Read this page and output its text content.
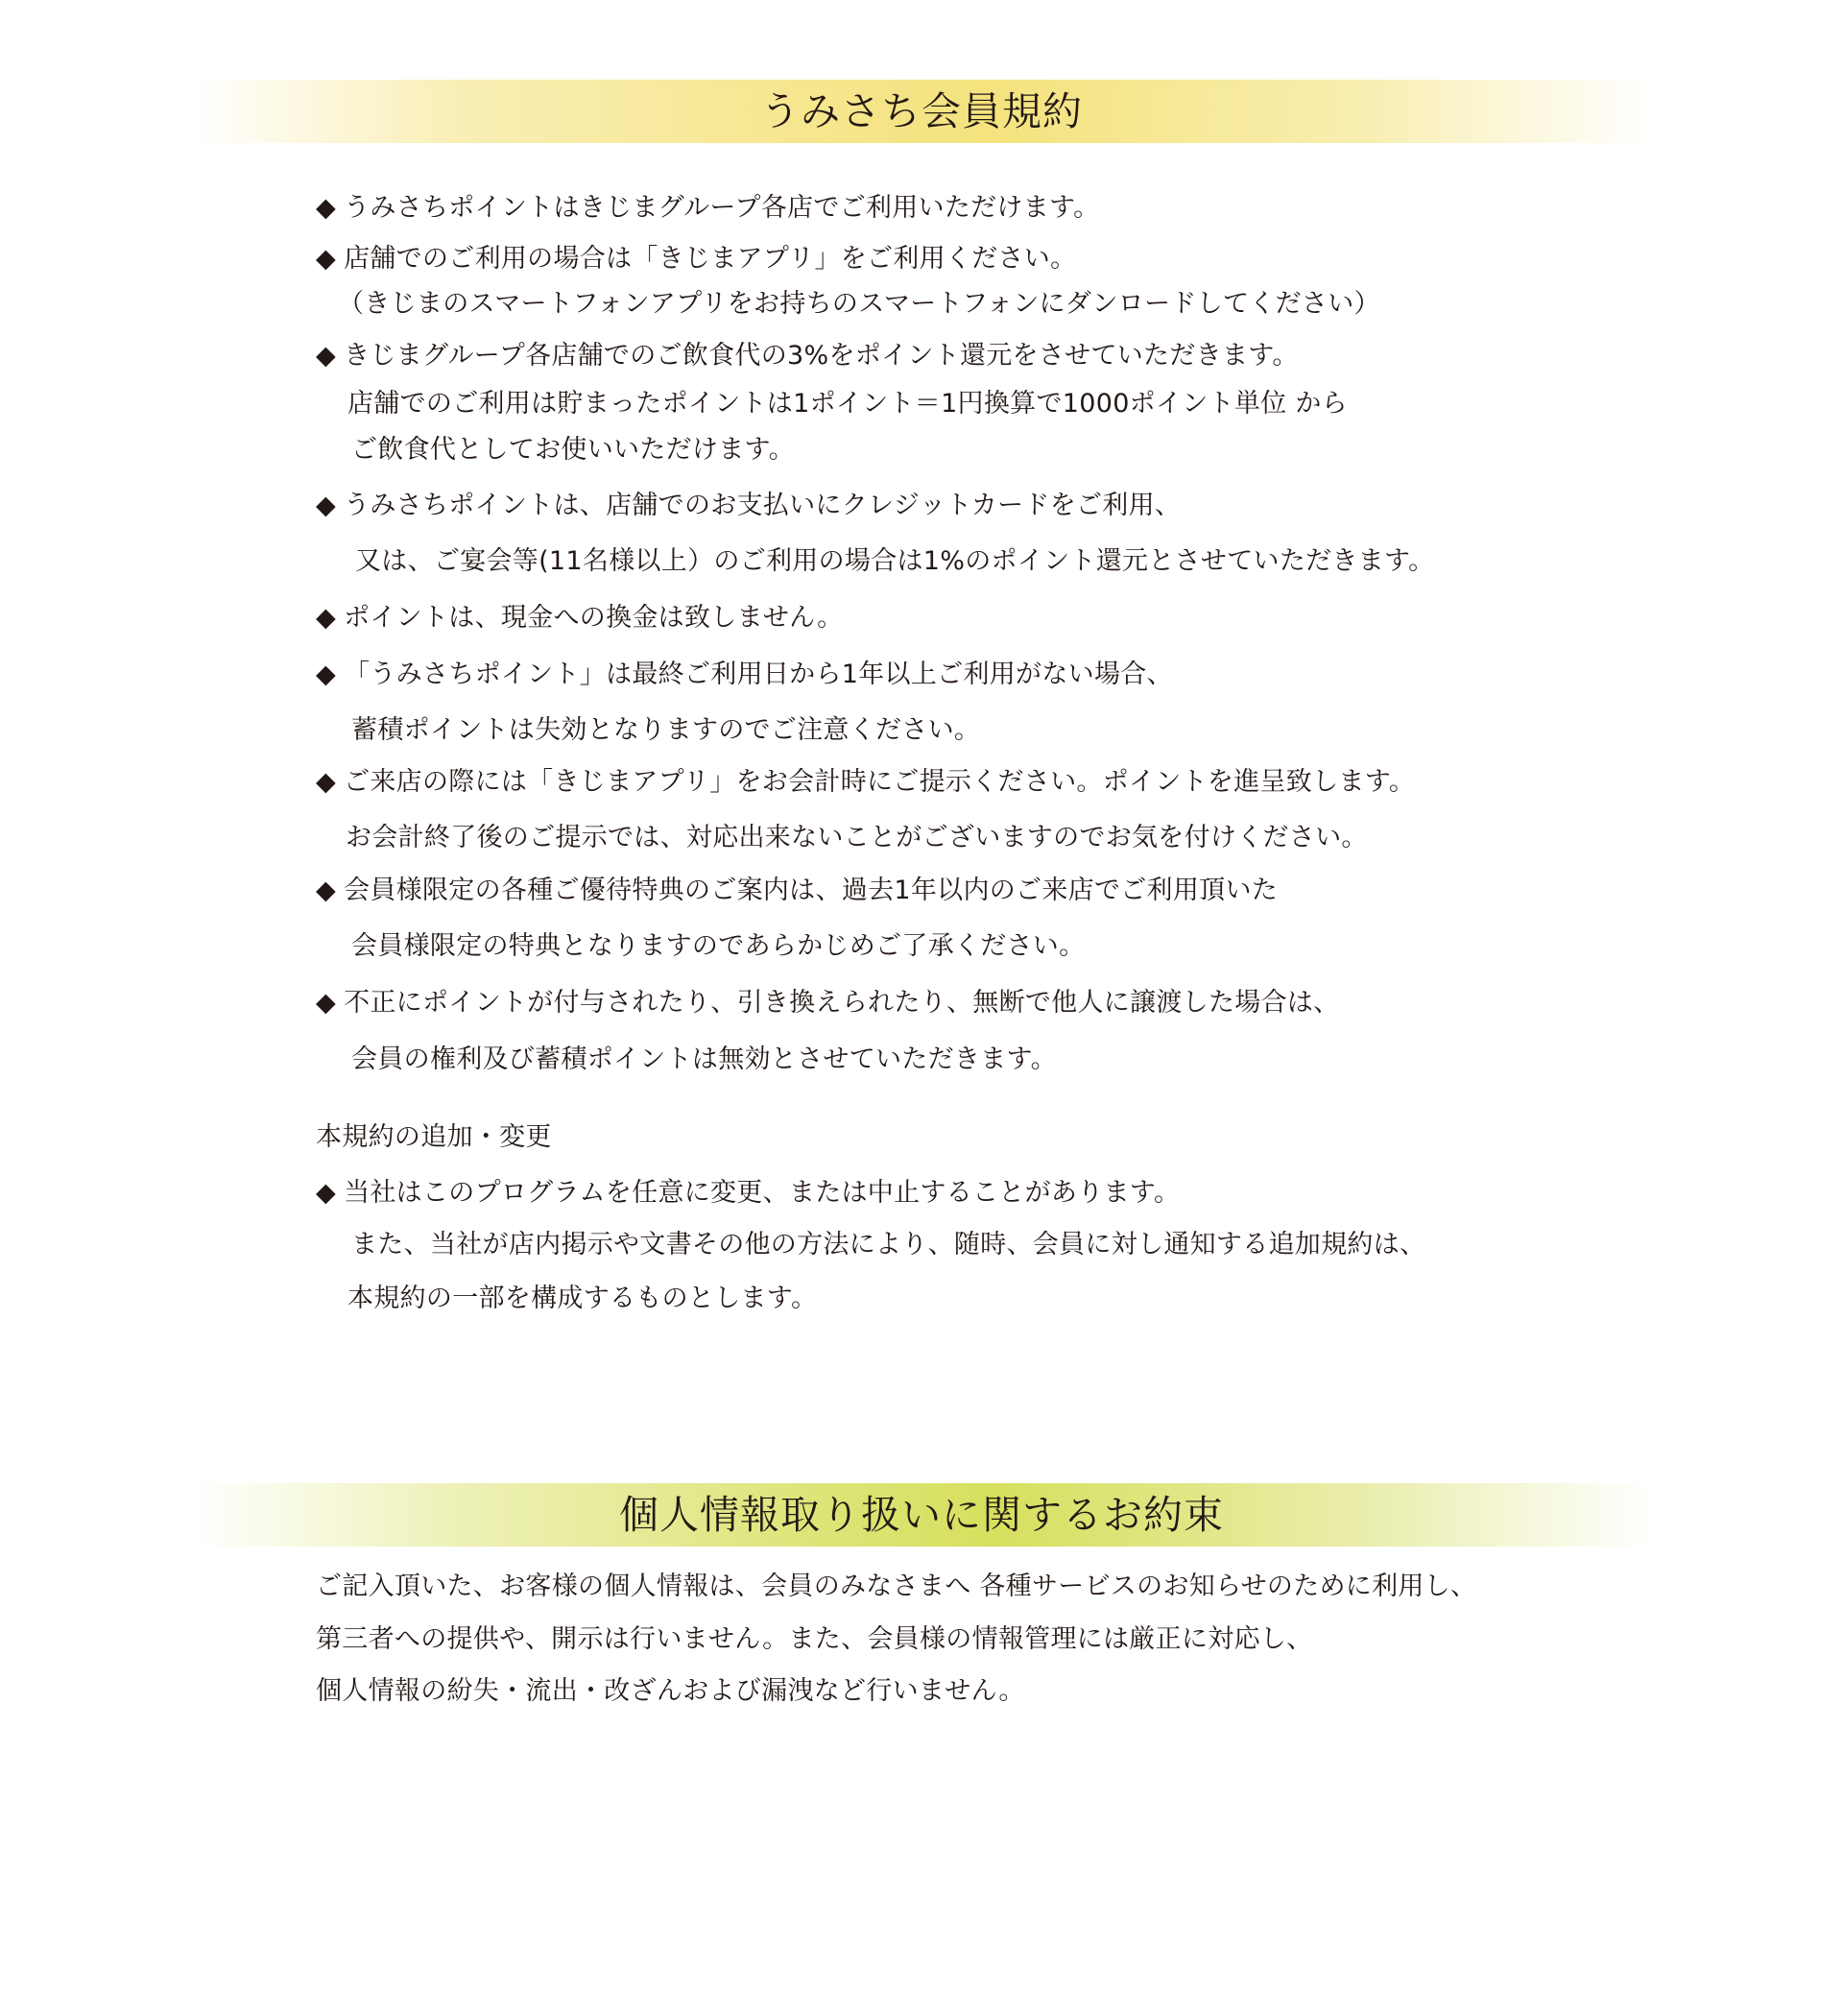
うみさち会員規約
◆ うみさちポイントはきじまグループ各店でご利用いただけます。
◆ 店舗でのご利用の場合は「きじまアプリ」をご利用ください。
（きじまのスマートフォンアプリをお持ちのスマートフォンにダンロードしてください）
◆ きじまグループ各店舗でのご飲食代の3%をポイント還元をさせていただきます。
店舗でのご利用は貯まったポイントは1ポイント＝1円換算で1000ポイント単位 から
ご飲食代としてお使いいただけます。
◆ うみさちポイントは、店舗でのお支払いにクレジットカードをご利用、
又は、ご宴会等(11名様以上）のご利用の場合は1%のポイント還元とさせていただきます。
◆ ポイントは、現金への換金は致しません。
◆ 「うみさちポイント」は最終ご利用日から1年以上ご利用がない場合、
蓄積ポイントは失効となりますのでご注意ください。
◆ ご来店の際には「きじまアプリ」をお会計時にご提示ください。ポイントを進呈致します。
お会計終了後のご提示では、対応出来ないことがございますのでお気を付けください。
◆ 会員様限定の各種ご優待特典のご案内は、過去1年以内のご来店でご利用頂いた
会員様限定の特典となりますのであらかじめご了承ください。
◆ 不正にポイントが付与されたり、引き換えられたり、無断で他人に譲渡した場合は、
会員の権利及び蓄積ポイントは無効とさせていただきます。
本規約の追加・変更
◆ 当社はこのプログラムを任意に変更、または中止することがあります。
また、当社が店内掲示や文書その他の方法により、随時、会員に対し通知する追加規約は、
本規約の一部を構成するものとします。
個人情報取り扱いに関するお約束
ご記入頂いた、お客様の個人情報は、会員のみなさまへ 各種サービスのお知らせのために利用し、
第三者への提供や、開示は行いません。また、会員様の情報管理には厳正に対応し、
個人情報の紛失・流出・改ざんおよび漏洩など行いません。
